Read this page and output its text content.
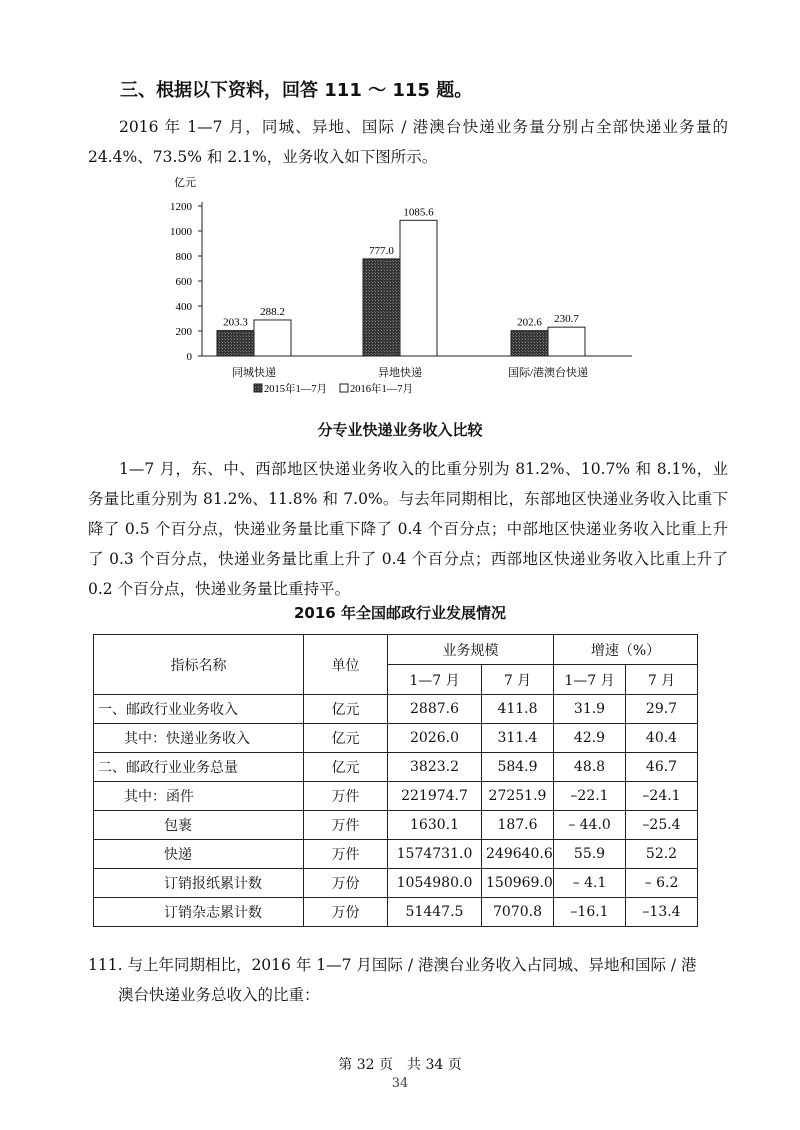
三、根据以下资料，回答 111 ～ 115 题。
2016 年 1—7 月，同城、异地、国际 / 港澳台快递业务量分别占全部快递业务量的 24.4%、73.5% 和 2.1%，业务收入如下图所示。
亿元
0
200
400
600
800
1000
1200
203.3
288.2
同城快递
777.0
1085.6
异地快递
202.6 230.7
国际/港澳台快递
2015年1—7月 2016年1—7月
分专业快递业务收入比较
1—7 月，东、中、西部地区快递业务收入的比重分别为 81.2%、10.7% 和 8.1%，业务量比重分别为 81.2%、11.8% 和 7.0%。与去年同期相比，东部地区快递业务收入比重下降了 0.5 个百分点，快递业务量比重下降了 0.4 个百分点；中部地区快递业务收入比重上升了 0.3 个百分点，快递业务量比重上升了 0.4 个百分点；西部地区快递业务收入比重上升了 0.2 个百分点，快递业务量比重持平。
2016 年全国邮政行业发展情况
指标名称	单位	业务规模		增速（%）	
		1—7 月	7 月	1—7 月	7 月
一、邮政行业业务收入	亿元	2887.6	411.8	31.9	29.7
其中：快递业务收入	亿元	2026.0	311.4	42.9	40.4
二、邮政行业业务总量	亿元	3823.2	584.9	48.8	46.7
其中：函件	万件	221974.7	27251.9	–22.1	–24.1
包裹	万件	1630.1	187.6	– 44.0	–25.4
快递	万件	1574731.0	249640.6	55.9	52.2
订销报纸累计数	万份	1054980.0	150969.0	– 4.1	– 6.2
订销杂志累计数	万份	51447.5	7070.8	–16.1	–13.4
111. 与上年同期相比，2016 年 1—7 月国际 / 港澳台业务收入占同城、异地和国际 / 港
澳台快递业务总收入的比重：
第 32 页　共 34 页
34
